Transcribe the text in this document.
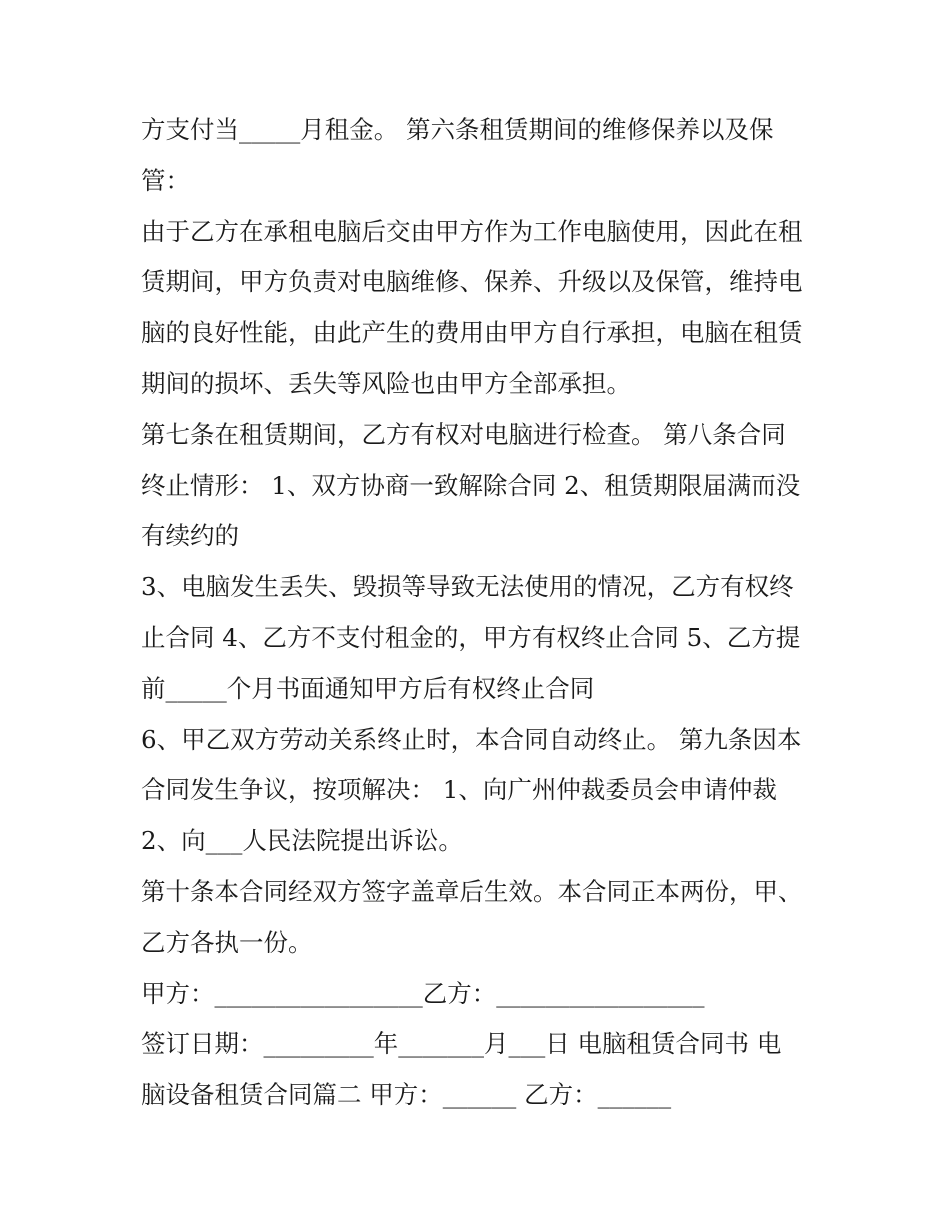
方支付当_____月租金。 第六条租赁期间的维修保养以及保
管：
由于乙方在承租电脑后交由甲方作为工作电脑使用，因此在租
赁期间，甲方负责对电脑维修、保养、升级以及保管，维持电
脑的良好性能，由此产生的费用由甲方自行承担，电脑在租赁
期间的损坏、丢失等风险也由甲方全部承担。
第七条在租赁期间，乙方有权对电脑进行检查。 第八条合同
终止情形： 1、双方协商一致解除合同 2、租赁期限届满而没
有续约的
3、电脑发生丢失、毁损等导致无法使用的情况，乙方有权终
止合同 4、乙方不支付租金的，甲方有权终止合同 5、乙方提
前_____个月书面通知甲方后有权终止合同
6、甲乙双方劳动关系终止时，本合同自动终止。 第九条因本
合同发生争议，按项解决： 1、向广州仲裁委员会申请仲裁
2、向___人民法院提出诉讼。
第十条本合同经双方签字盖章后生效。本合同正本两份，甲、
乙方各执一份。
甲方：_________________乙方：_________________
签订日期：_________年_______月___日 电脑租赁合同书 电
脑设备租赁合同篇二 甲方：______ 乙方：______
